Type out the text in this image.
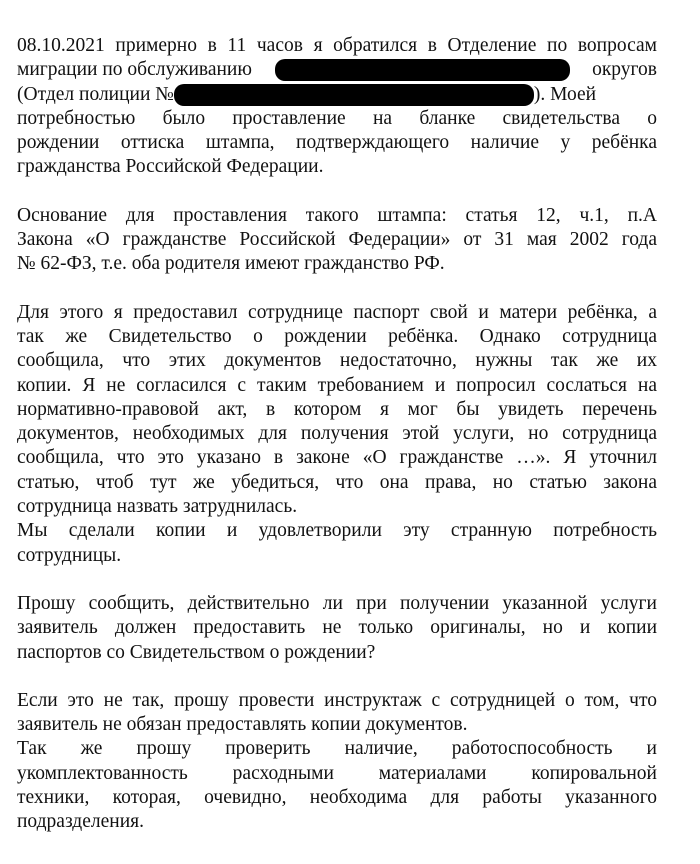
08.10.2021 примерно в 11 часов я обратился в Отделение по вопросам
миграции по обслуживанию	округов
(Отдел полиции №	). Моей
потребностью было проставление на бланке свидетельства о
рождении оттиска штампа, подтверждающего наличие у ребёнка
гражданства Российской Федерации.
Основание для проставления такого штампа: статья 12, ч.1, п.А
Закона «О гражданстве Российской Федерации» от 31 мая 2002 года
№ 62-ФЗ, т.е. оба родителя имеют гражданство РФ.
Для этого я предоставил сотруднице паспорт свой и матери ребёнка, а
так же Свидетельство о рождении ребёнка. Однако сотрудница
сообщила, что этих документов недостаточно, нужны так же их
копии. Я не согласился с таким требованием и попросил сослаться на
нормативно-правовой акт, в котором я мог бы увидеть перечень
документов, необходимых для получения этой услуги, но сотрудница
сообщила, что это указано в законе «О гражданстве …». Я уточнил
статью, чтоб тут же убедиться, что она права, но статью закона
сотрудница назвать затруднилась.
Мы сделали копии и удовлетворили эту странную потребность
сотрудницы.
Прошу сообщить, действительно ли при получении указанной услуги
заявитель должен предоставить не только оригиналы, но и копии
паспортов со Свидетельством о рождении?
Если это не так, прошу провести инструктаж с сотрудницей о том, что
заявитель не обязан предоставлять копии документов.
Так же прошу проверить наличие, работоспособность и
укомплектованность расходными материалами копировальной
техники, которая, очевидно, необходима для работы указанного
подразделения.
